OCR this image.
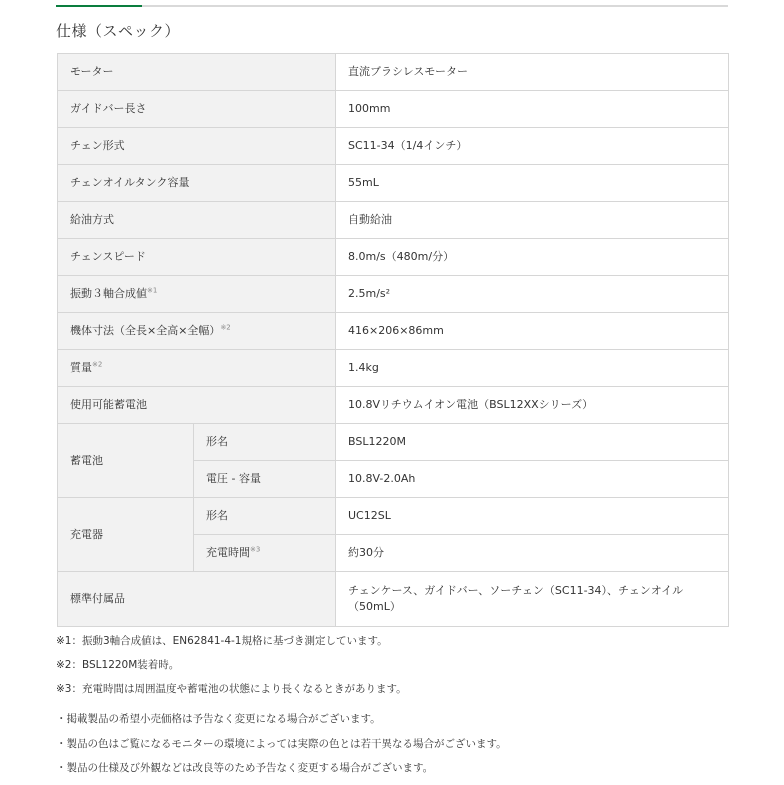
仕様（スペック）
モーター		直流ブラシレスモーター
ガイドバー長さ		100mm
チェン形式		SC11-34（1/4インチ）
チェンオイルタンク容量		55mL
給油方式		自動給油
チェンスピード		8.0m/s（480m/分）
振動３軸合成値$^{※1}$		2.5m/s²
機体寸法（全長×全高×全幅）$^{※2}$		416×206×86mm
質量$^{※2}$		1.4kg
使用可能蓄電池		10.8Vリチウムイオン電池（BSL12XXシリーズ）
蓄電池	形名	BSL1220M
	電圧 - 容量	10.8V-2.0Ah
充電器	形名	UC12SL
	充電時間$^{※3}$	約30分
標準付属品		チェンケース、ガイドバー、ソーチェン（SC11-34）、チェンオイル（50mL）
※1：振動3軸合成値は、EN62841-4-1規格に基づき測定しています。
※2：BSL1220M装着時。
※3：充電時間は周囲温度や蓄電池の状態により長くなるときがあります。
・掲載製品の希望小売価格は予告なく変更になる場合がございます。
・製品の色はご覧になるモニターの環境によっては実際の色とは若干異なる場合がございます。
・製品の仕様及び外観などは改良等のため予告なく変更する場合がございます。
